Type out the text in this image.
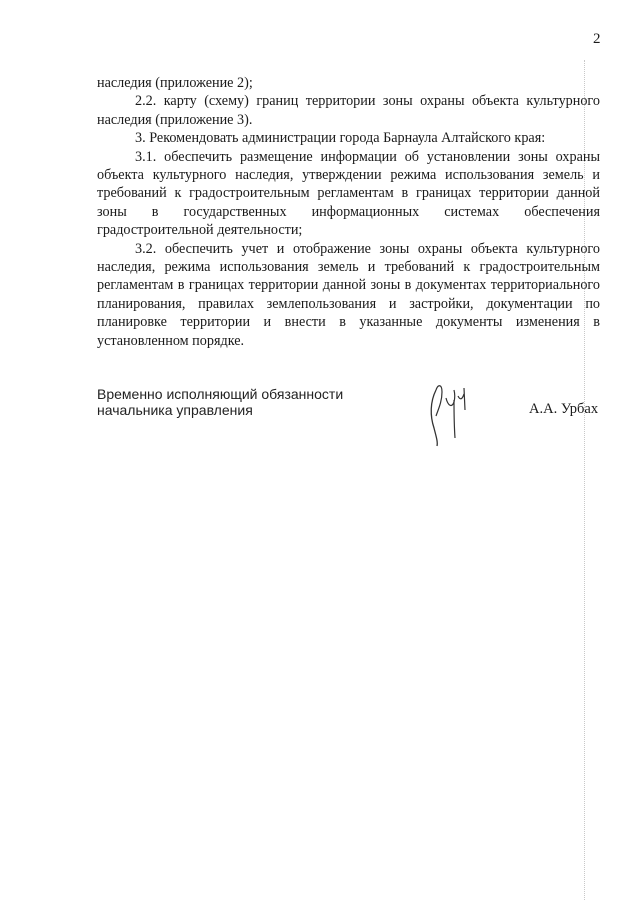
2

наследия (приложение 2);

2.2. карту (схему) границ территории зоны охраны объекта культурного наследия (приложение 3).

3. Рекомендовать администрации города Барнаула Алтайского края:

3.1. обеспечить размещение информации об установлении зоны охраны объекта культурного наследия, утверждении режима использования земель и требований к градостроительным регламентам в границах территории данной зоны в государственных информационных системах обеспечения градостроительной деятельности;

3.2. обеспечить учет и отображение зоны охраны объекта культурного наследия, режима использования земель и требований к градостроительным регламентам в границах территории данной зоны в документах территориального планирования, правилах землепользования и застройки, документации по планировке территории и внести в указанные документы изменения в установленном порядке.

Временно исполняющий обязанности
начальника управления	А.А. Урбах
